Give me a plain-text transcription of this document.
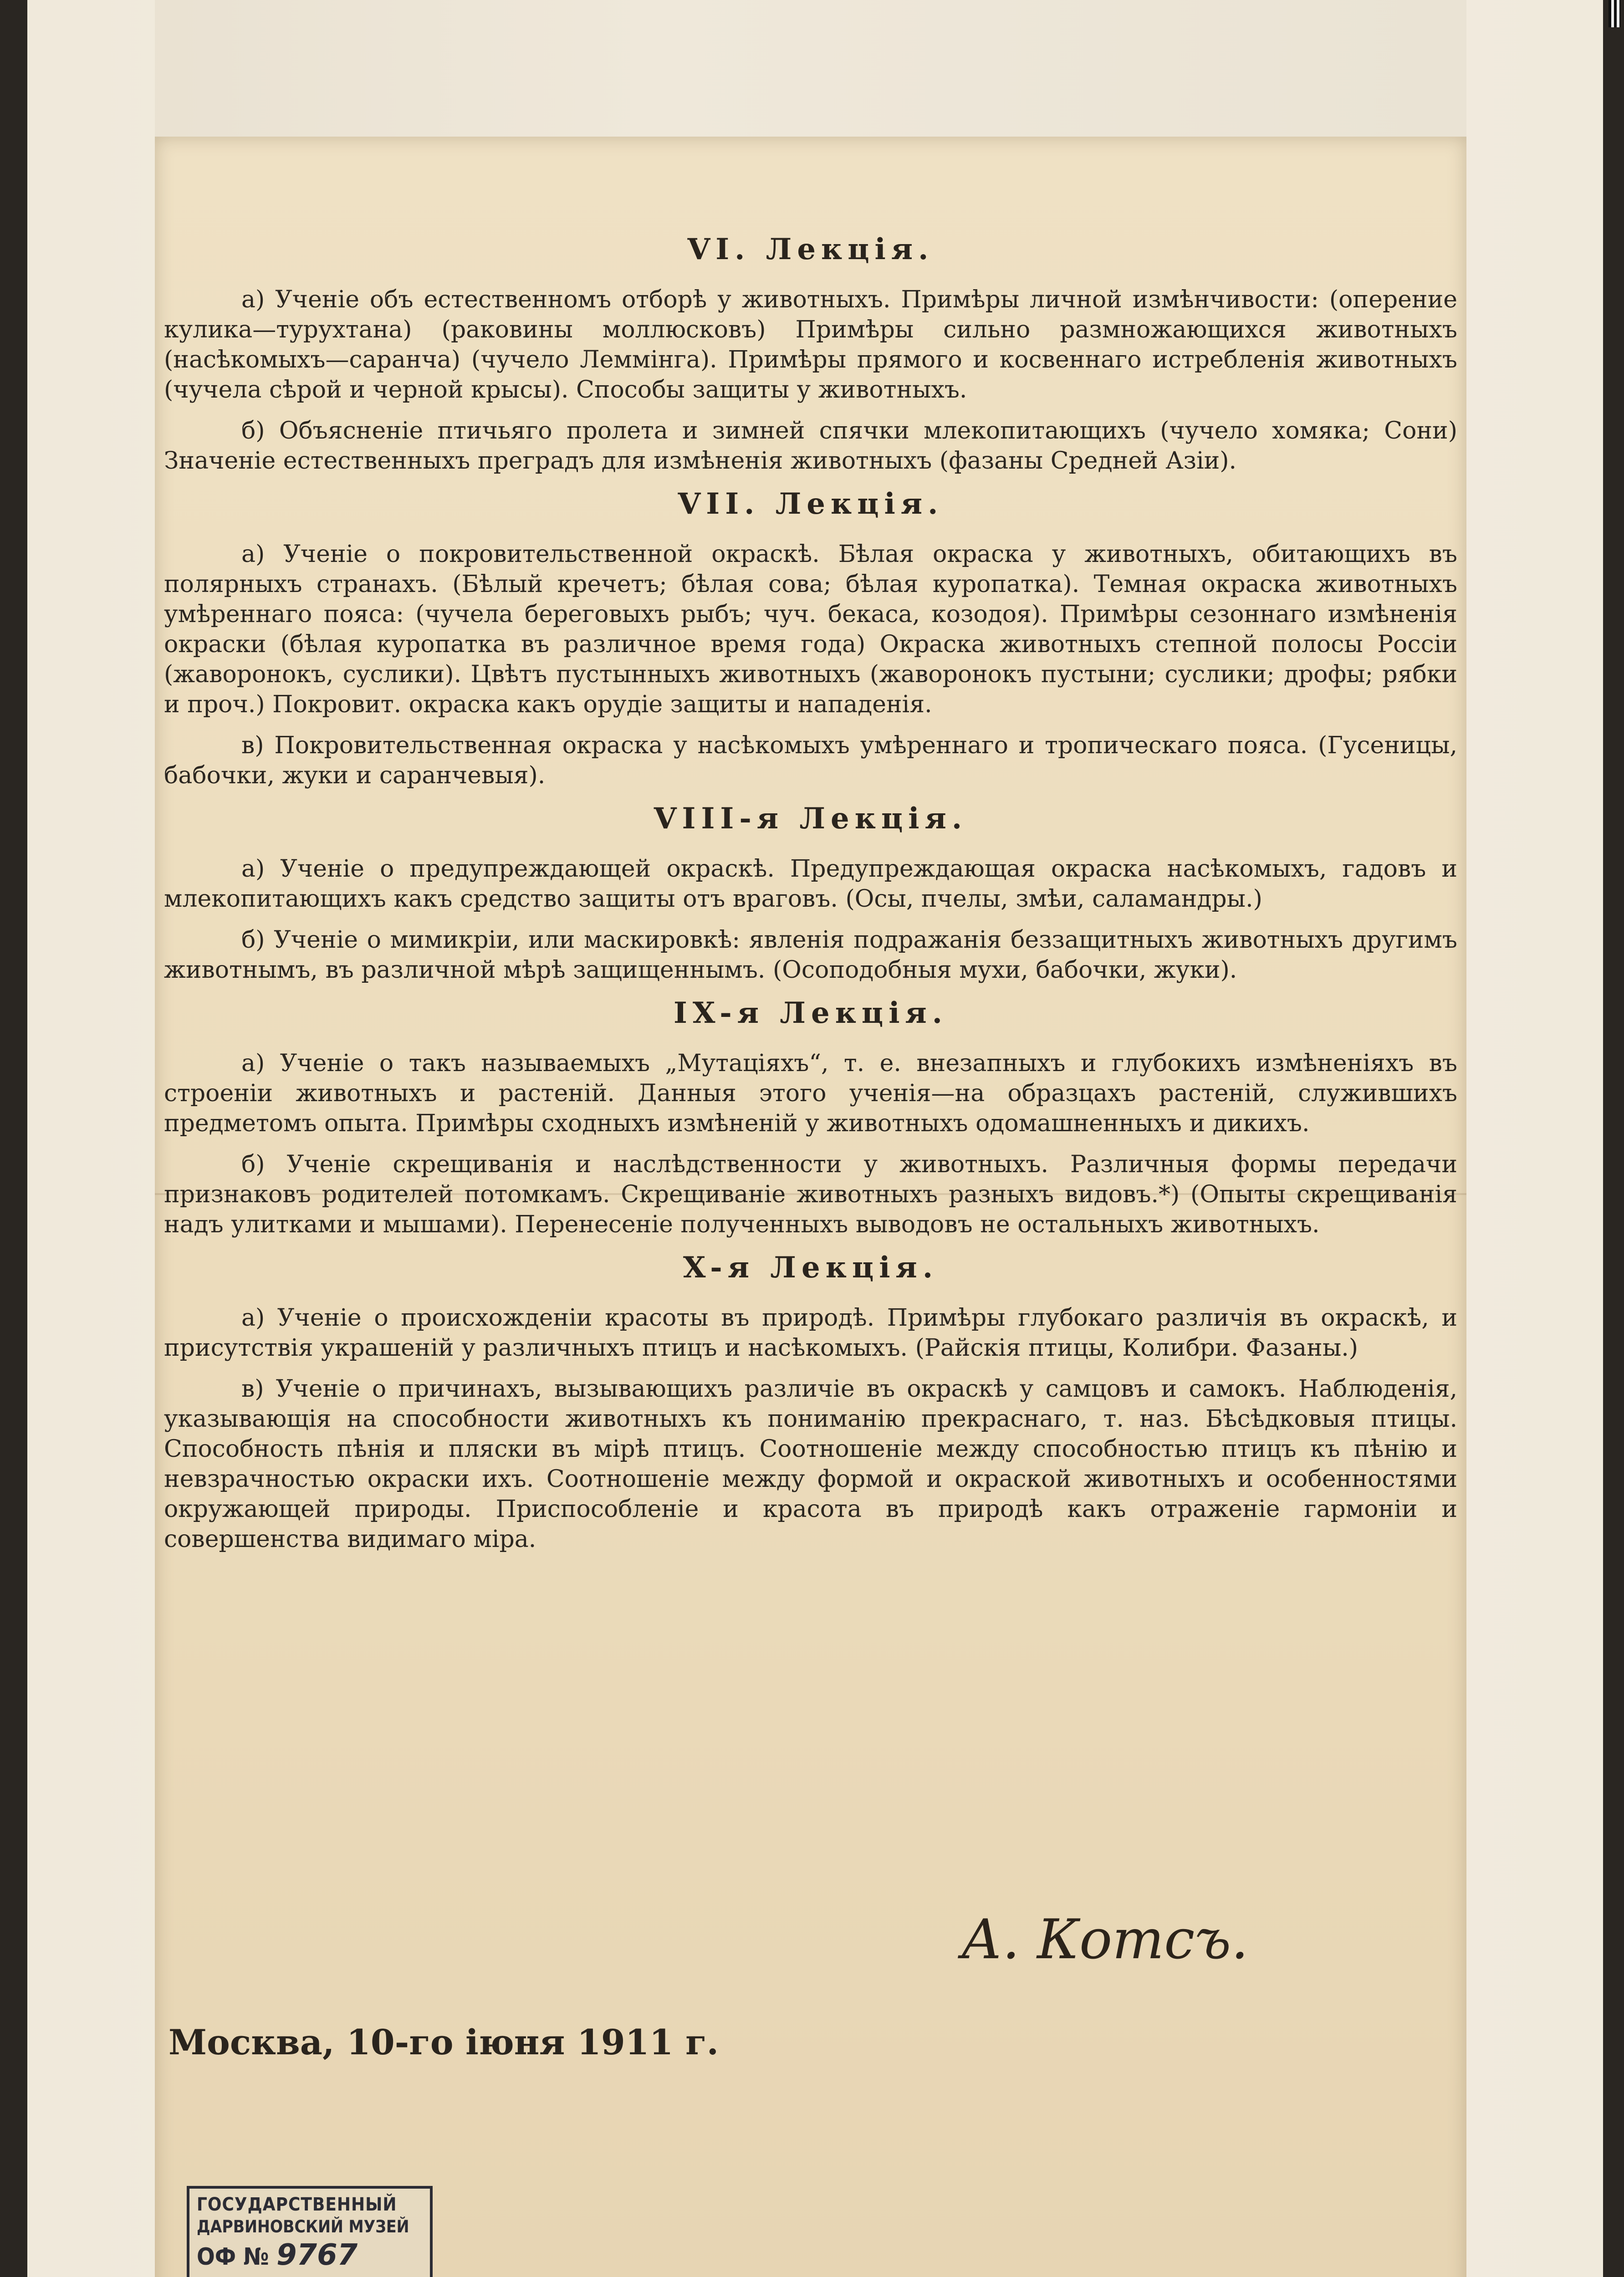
VI. Лекція.

а) Ученіе объ естественномъ отборѣ у животныхъ. Примѣры личной измѣнчивости: (оперение кулика—турухтана) (раковины моллюсковъ) Примѣры сильно размножающихся животныхъ (насѣкомыхъ—саранча) (чучело Леммінга). Примѣры прямого и косвеннаго истребленія животныхъ (чучела сѣрой и черной крысы). Способы защиты у животныхъ.

б) Объясненіе птичьяго пролета и зимней спячки млекопитающихъ (чучело хомяка; Сони) Значеніе естественныхъ преградъ для измѣненія животныхъ (фазаны Средней Азіи).

VII. Лекція.

а) Ученіе о покровительственной окраскѣ. Бѣлая окраска у животныхъ, обитающихъ въ полярныхъ странахъ. (Бѣлый кречетъ; бѣлая сова; бѣлая куропатка). Темная окраска животныхъ умѣреннаго пояса: (чучела береговыхъ рыбъ; чуч. бекаса, козодоя). Примѣры сезоннаго измѣненія окраски (бѣлая куропатка въ различное время года) Окраска животныхъ степной полосы Россіи (жаворонокъ, суслики). Цвѣтъ пустынныхъ животныхъ (жаворонокъ пустыни; суслики; дрофы; рябки и проч.) Покровит. окраска какъ орудіе защиты и нападенія.

в) Покровительственная окраска у насѣкомыхъ умѣреннаго и тропическаго пояса. (Гусеницы, бабочки, жуки и саранчевыя).

VIII-я Лекція.

а) Ученіе о предупреждающей окраскѣ. Предупреждающая окраска насѣкомыхъ, гадовъ и млекопитающихъ какъ средство защиты отъ враговъ. (Осы, пчелы, змѣи, саламандры.)

б) Ученіе о мимикріи, или маскировкѣ: явленія подражанія беззащитныхъ животныхъ другимъ животнымъ, въ различной мѣрѣ защищеннымъ. (Осоподобныя мухи, бабочки, жуки).

IX-я Лекція.

а) Ученіе о такъ называемыхъ „Мутаціяхъ“, т. е. внезапныхъ и глубокихъ измѣненіяхъ въ строеніи животныхъ и растеній. Данныя этого ученія—на образцахъ растеній, служившихъ предметомъ опыта. Примѣры сходныхъ измѣненій у животныхъ одомашненныхъ и дикихъ.

б) Ученіе скрещиванія и наслѣдственности у животныхъ. Различныя формы передачи признаковъ родителей потомкамъ. Скрещиваніе животныхъ разныхъ видовъ.*) (Опыты скрещиванія надъ улитками и мышами). Перенесеніе полученныхъ выводовъ не остальныхъ животныхъ.

X-я Лекція.

а) Ученіе о происхожденіи красоты въ природѣ. Примѣры глубокаго различія въ окраскѣ, и присутствія украшеній у различныхъ птицъ и насѣкомыхъ. (Райскія птицы, Колибри. Фазаны.)

в) Ученіе о причинахъ, вызывающихъ различіе въ окраскѣ у самцовъ и самокъ. Наблюденія, указывающія на способности животныхъ къ пониманію прекраснаго, т. наз. Бѣсѣдковыя птицы. Способность пѣнія и пляски въ мірѣ птицъ. Соотношеніе между способностью птицъ къ пѣнію и невзрачностью окраски ихъ. Соотношеніе между формой и окраской животныхъ и особенностями окружающей природы. Приспособленіе и красота въ природѣ какъ отраженіе гармоніи и совершенства видимаго міра.

А. Котсъ.
Москва, 10-го іюня 1911 г.
ГОСУДАРСТВЕННЫЙ
ДАРВИНОВСКИЙ МУЗЕЙ
ОФ № 9767
